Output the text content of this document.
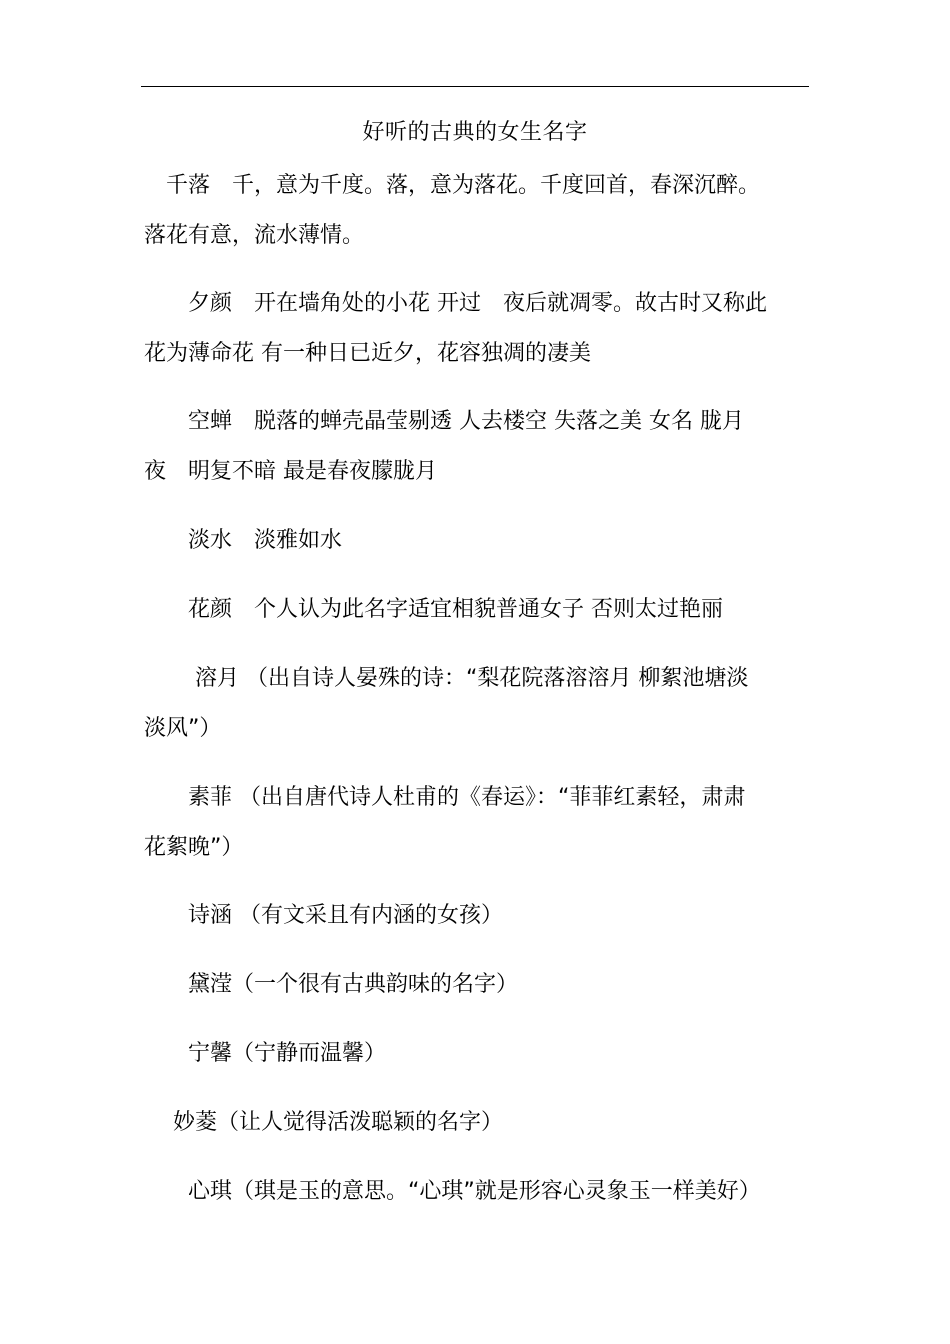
好听的古典的女生名字
　千落　千，意为千度。落，意为落花。千度回首，春深沉醉。
落花有意，流水薄情。
　　夕颜　开在墙角处的小花 开过　夜后就凋零。故古时又称此
花为薄命花 有一种日已近夕，花容独凋的凄美
　　空蝉　脱落的蝉壳晶莹剔透 人去楼空 失落之美 女名 胧月
夜　明复不暗 最是春夜朦胧月
　　淡水　淡雅如水
　　花颜　个人认为此名字适宜相貌普通女子 否则太过艳丽
　　 溶月 （出自诗人晏殊的诗：“梨花院落溶溶月 柳絮池塘淡
淡风”）
　　素菲 （出自唐代诗人杜甫的《春运》：“菲菲红素轻，肃肃
花絮晚”）
　　诗涵 （有文采且有内涵的女孩）
　　黛滢（一个很有古典韵味的名字）
　　宁馨（宁静而温馨）
　 妙菱（让人觉得活泼聪颖的名字）
　　心琪（琪是玉的意思。“心琪”就是形容心灵象玉一样美好）
